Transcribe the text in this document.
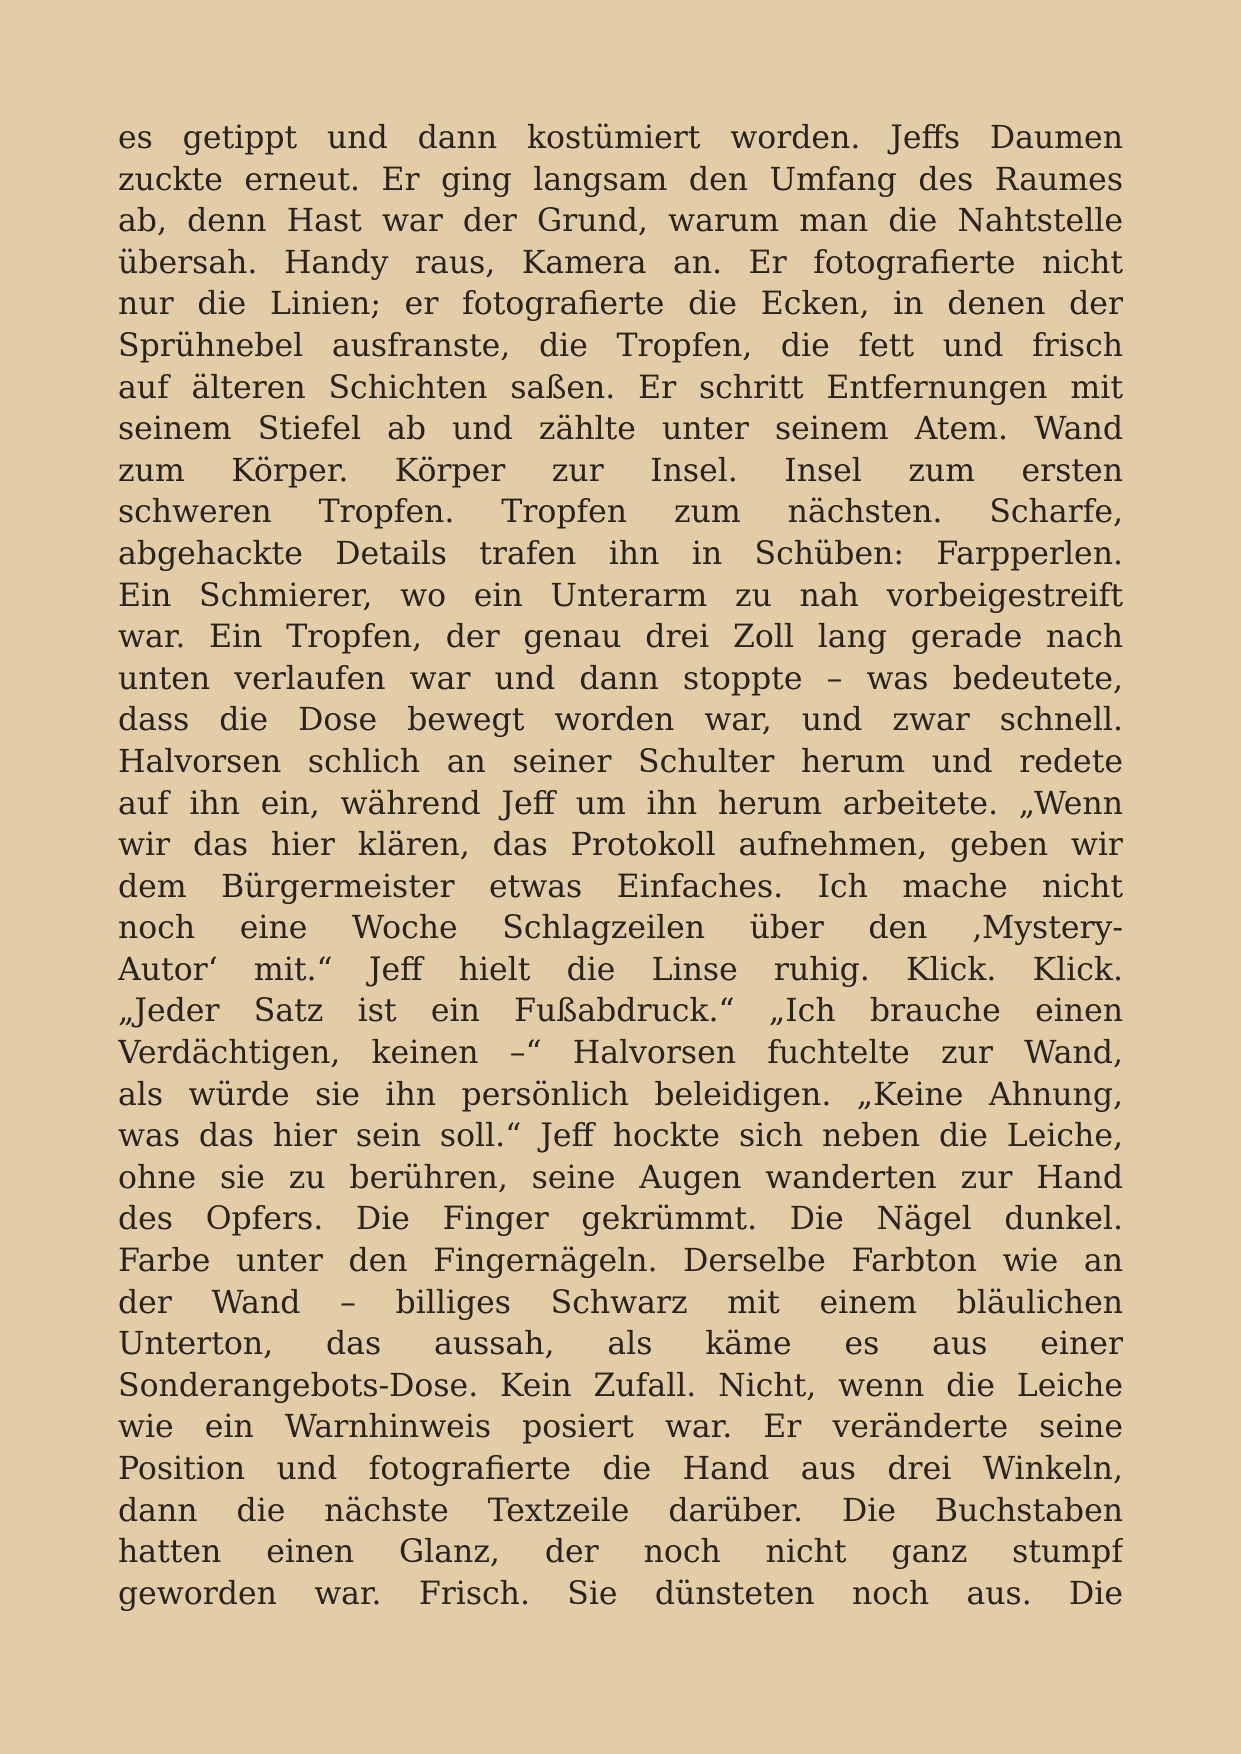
es getippt und dann kostümiert worden. Jeffs Daumen
zuckte erneut. Er ging langsam den Umfang des Raumes
ab, denn Hast war der Grund, warum man die Nahtstelle
übersah. Handy raus, Kamera an. Er fotografierte nicht
nur die Linien; er fotografierte die Ecken, in denen der
Sprühnebel ausfranste, die Tropfen, die fett und frisch
auf älteren Schichten saßen. Er schritt Entfernungen mit
seinem Stiefel ab und zählte unter seinem Atem. Wand
zum Körper. Körper zur Insel. Insel zum ersten
schweren Tropfen. Tropfen zum nächsten. Scharfe,
abgehackte Details trafen ihn in Schüben: Farpperlen.
Ein Schmierer, wo ein Unterarm zu nah vorbeigestreift
war. Ein Tropfen, der genau drei Zoll lang gerade nach
unten verlaufen war und dann stoppte – was bedeutete,
dass die Dose bewegt worden war, und zwar schnell.
Halvorsen schlich an seiner Schulter herum und redete
auf ihn ein, während Jeff um ihn herum arbeitete. „Wenn
wir das hier klären, das Protokoll aufnehmen, geben wir
dem Bürgermeister etwas Einfaches. Ich mache nicht
noch eine Woche Schlagzeilen über den ‚Mystery-
Autor‘ mit.“ Jeff hielt die Linse ruhig. Klick. Klick.
„Jeder Satz ist ein Fußabdruck.“ „Ich brauche einen
Verdächtigen, keinen –“ Halvorsen fuchtelte zur Wand,
als würde sie ihn persönlich beleidigen. „Keine Ahnung,
was das hier sein soll.“ Jeff hockte sich neben die Leiche,
ohne sie zu berühren, seine Augen wanderten zur Hand
des Opfers. Die Finger gekrümmt. Die Nägel dunkel.
Farbe unter den Fingernägeln. Derselbe Farbton wie an
der Wand – billiges Schwarz mit einem bläulichen
Unterton, das aussah, als käme es aus einer
Sonderangebots-Dose. Kein Zufall. Nicht, wenn die Leiche
wie ein Warnhinweis posiert war. Er veränderte seine
Position und fotografierte die Hand aus drei Winkeln,
dann die nächste Textzeile darüber. Die Buchstaben
hatten einen Glanz, der noch nicht ganz stumpf
geworden war. Frisch. Sie dünsteten noch aus. Die
